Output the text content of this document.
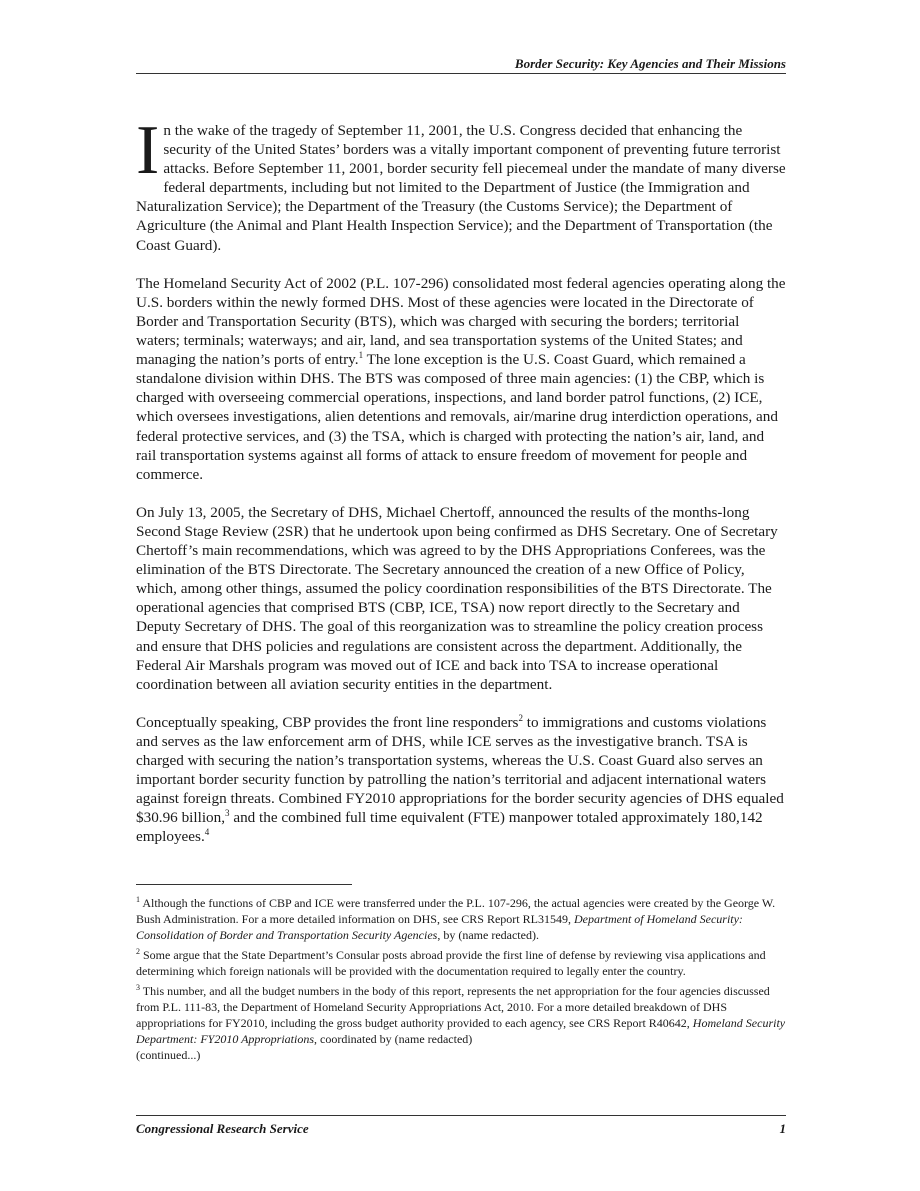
Border Security: Key Agencies and Their Missions

In the wake of the tragedy of September 11, 2001, the U.S. Congress decided that enhancing the security of the United States’ borders was a vitally important component of preventing future terrorist attacks. Before September 11, 2001, border security fell piecemeal under the mandate of many diverse federal departments, including but not limited to the Department of Justice (the Immigration and Naturalization Service); the Department of the Treasury (the Customs Service); the Department of Agriculture (the Animal and Plant Health Inspection Service); and the Department of Transportation (the Coast Guard).

The Homeland Security Act of 2002 (P.L. 107-296) consolidated most federal agencies operating along the U.S. borders within the newly formed DHS. Most of these agencies were located in the Directorate of Border and Transportation Security (BTS), which was charged with securing the borders; territorial waters; terminals; waterways; and air, land, and sea transportation systems of the United States; and managing the nation’s ports of entry.$^1$ The lone exception is the U.S. Coast Guard, which remained a standalone division within DHS. The BTS was composed of three main agencies: (1) the CBP, which is charged with overseeing commercial operations, inspections, and land border patrol functions, (2) ICE, which oversees investigations, alien detentions and removals, air/marine drug interdiction operations, and federal protective services, and (3) the TSA, which is charged with protecting the nation’s air, land, and rail transportation systems against all forms of attack to ensure freedom of movement for people and commerce.

On July 13, 2005, the Secretary of DHS, Michael Chertoff, announced the results of the months-long Second Stage Review (2SR) that he undertook upon being confirmed as DHS Secretary. One of Secretary Chertoff’s main recommendations, which was agreed to by the DHS Appropriations Conferees, was the elimination of the BTS Directorate. The Secretary announced the creation of a new Office of Policy, which, among other things, assumed the policy coordination responsibilities of the BTS Directorate. The operational agencies that comprised BTS (CBP, ICE, TSA) now report directly to the Secretary and Deputy Secretary of DHS. The goal of this reorganization was to streamline the policy creation process and ensure that DHS policies and regulations are consistent across the department. Additionally, the Federal Air Marshals program was moved out of ICE and back into TSA to increase operational coordination between all aviation security entities in the department.

Conceptually speaking, CBP provides the front line responders$^2$ to immigrations and customs violations and serves as the law enforcement arm of DHS, while ICE serves as the investigative branch. TSA is charged with securing the nation’s transportation systems, whereas the U.S. Coast Guard also serves an important border security function by patrolling the nation’s territorial and adjacent international waters against foreign threats. Combined FY2010 appropriations for the border security agencies of DHS equaled $30.96 billion,$^3$ and the combined full time equivalent (FTE) manpower totaled approximately 180,142 employees.$^4$

$^1$ Although the functions of CBP and ICE were transferred under the P.L. 107-296, the actual agencies were created by the George W. Bush Administration. For a more detailed information on DHS, see CRS Report RL31549, Department of Homeland Security: Consolidation of Border and Transportation Security Agencies, by (name redacted).

$^2$ Some argue that the State Department’s Consular posts abroad provide the first line of defense by reviewing visa applications and determining which foreign nationals will be provided with the documentation required to legally enter the country.

$^3$ This number, and all the budget numbers in the body of this report, represents the net appropriation for the four agencies discussed from P.L. 111-83, the Department of Homeland Security Appropriations Act, 2010. For a more detailed breakdown of DHS appropriations for FY2010, including the gross budget authority provided to each agency, see CRS Report R40642, Homeland Security Department: FY2010 Appropriations, coordinated by (name redacted)
(continued...)

Congressional Research Service	1
